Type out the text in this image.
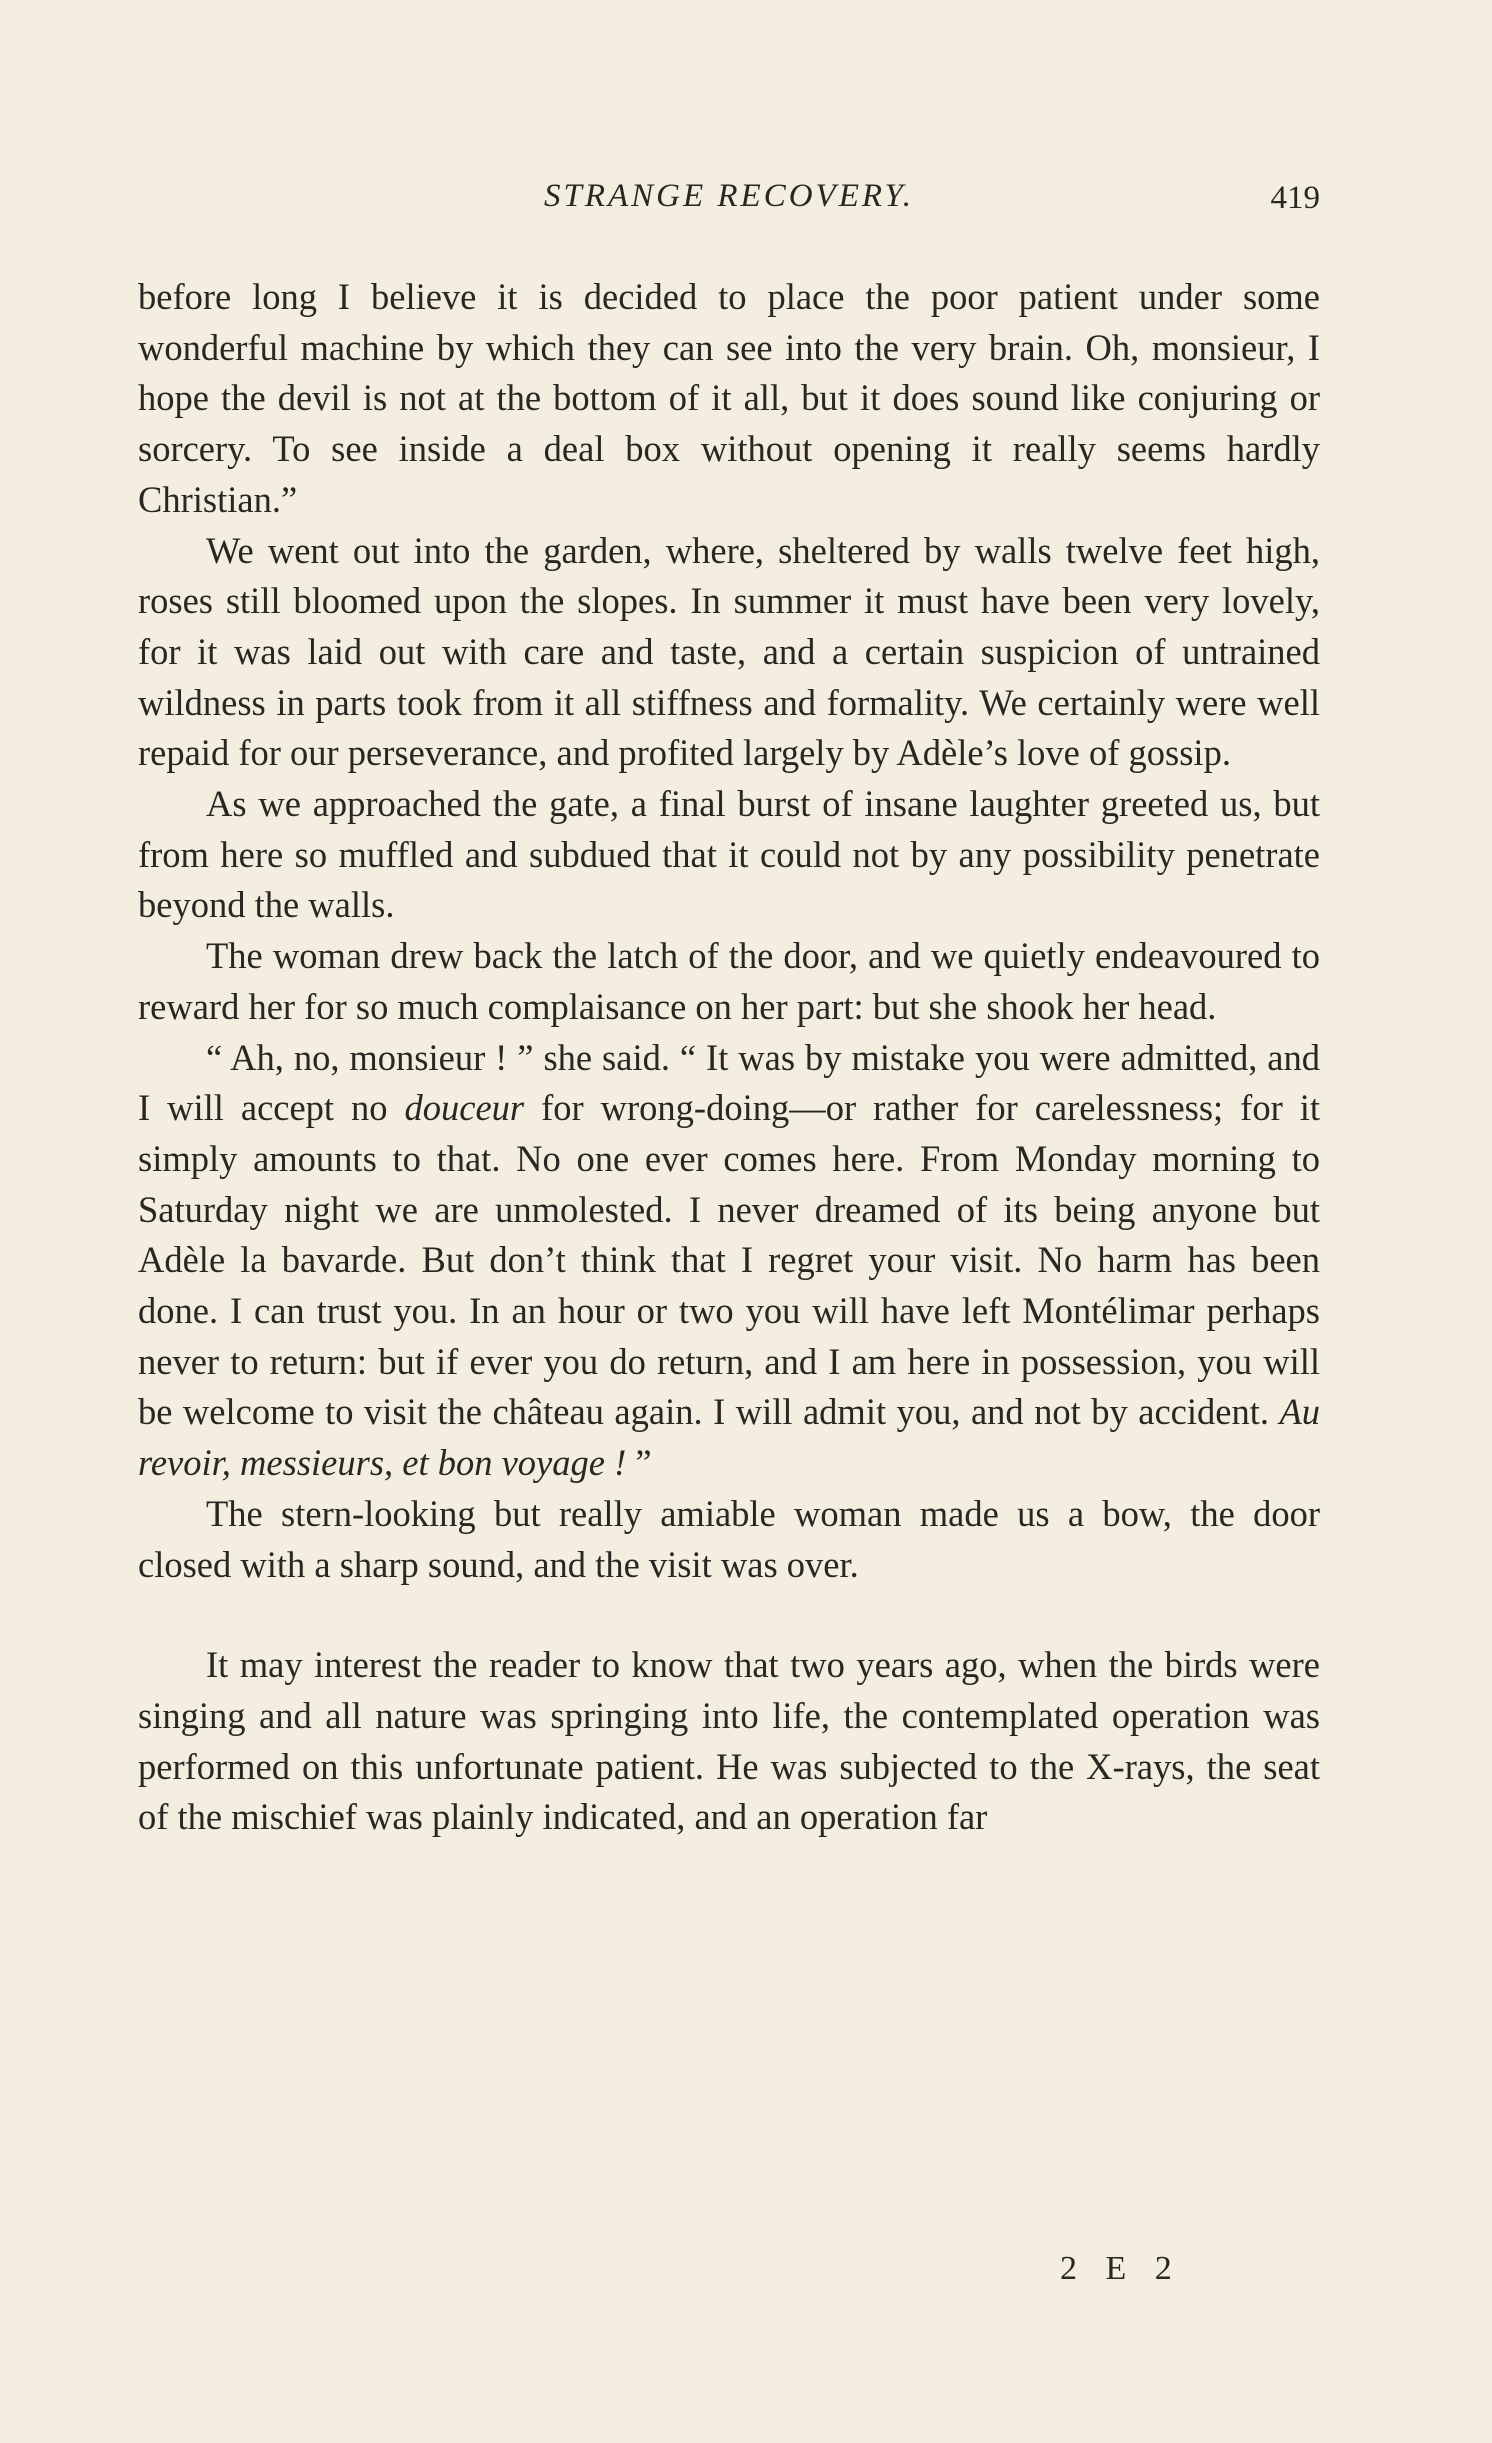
STRANGE RECOVERY.	419

before long I believe it is decided to place the poor patient under some wonderful machine by which they can see into the very brain. Oh, monsieur, I hope the devil is not at the bottom of it all, but it does sound like conjuring or sorcery. To see inside a deal box without opening it really seems hardly Christian.”

We went out into the garden, where, sheltered by walls twelve feet high, roses still bloomed upon the slopes. In summer it must have been very lovely, for it was laid out with care and taste, and a certain suspicion of untrained wildness in parts took from it all stiffness and formality. We certainly were well repaid for our perseverance, and profited largely by Adèle’s love of gossip.

As we approached the gate, a final burst of insane laughter greeted us, but from here so muffled and subdued that it could not by any possibility penetrate beyond the walls.

The woman drew back the latch of the door, and we quietly endeavoured to reward her for so much complaisance on her part: but she shook her head.

“ Ah, no, monsieur ! ” she said. “ It was by mistake you were admitted, and I will accept no douceur for wrong-doing—or rather for carelessness; for it simply amounts to that. No one ever comes here. From Monday morning to Saturday night we are unmolested. I never dreamed of its being anyone but Adèle la bavarde. But don’t think that I regret your visit. No harm has been done. I can trust you. In an hour or two you will have left Montélimar perhaps never to return: but if ever you do return, and I am here in possession, you will be welcome to visit the château again. I will admit you, and not by accident. Au revoir, messieurs, et bon voyage ! ”

The stern-looking but really amiable woman made us a bow, the door closed with a sharp sound, and the visit was over.

It may interest the reader to know that two years ago, when the birds were singing and all nature was springing into life, the contemplated operation was performed on this unfortunate patient. He was subjected to the X-rays, the seat of the mischief was plainly indicated, and an operation far

2 E 2
